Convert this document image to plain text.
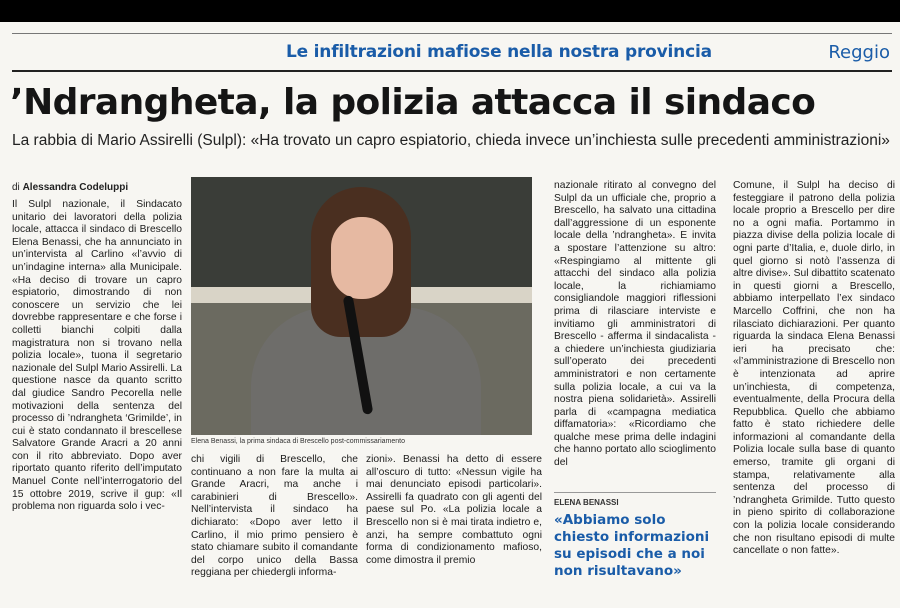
Le infiltrazioni mafiose nella nostra provincia	Reggio
’Ndrangheta, la polizia attacca il sindaco
La rabbia di Mario Assirelli (Sulpl): «Ha trovato un capro espiatorio, chieda invece un’inchiesta sulle precedenti amministrazioni»
di Alessandra Codeluppi
Il Sulpl nazionale, il Sindacato unitario dei lavoratori della polizia locale, attacca il sindaco di Brescello Elena Benassi, che ha annunciato in un’intervista al Carlino «l’avvio di un’indagine interna» alla Municipale. «Ha deciso di trovare un capro espiatorio, dimostrando di non conoscere un servizio che lei dovrebbe rappresentare e che forse i colletti bianchi colpiti dalla magistratura non si trovano nella polizia locale», tuona il segretario nazionale del Sulpl Mario Assirelli. La questione nasce da quanto scritto dal giudice Sandro Pecorella nelle motivazioni della sentenza del processo di ’ndrangheta ‘Grimilde’, in cui è stato condannato il brescellese Salvatore Grande Aracri a 20 anni con il rito abbreviato. Dopo aver riportato quanto riferito dell’imputato Manuel Conte nell’interrogatorio del 15 ottobre 2019, scrive il gup: «Il problema non riguarda solo i vec-
Elena Benassi, la prima sindaca di Brescello post-commissariamento
chi vigili di Brescello, che continuano a non fare la multa ai Grande Aracri, ma anche i carabinieri di Brescello». Nell’intervista il sindaco ha dichiarato: «Dopo aver letto il Carlino, il mio primo pensiero è stato chiamare subito il comandante del corpo unico della Bassa reggiana per chiedergli informa-
zioni». Benassi ha detto di essere all’oscuro di tutto: «Nessun vigile ha mai denunciato episodi particolari». Assirelli fa quadrato con gli agenti del paese sul Po. «La polizia locale a Brescello non si è mai tirata indietro e, anzi, ha sempre combattuto ogni forma di condizionamento mafioso, come dimostra il premio
nazionale ritirato al convegno del Sulpl da un ufficiale che, proprio a Brescello, ha salvato una cittadina dall’aggressione di un esponente locale della ’ndrangheta». E invita a spostare l’attenzione su altro: «Respingiamo al mittente gli attacchi del sindaco alla polizia locale, la richiamiamo consigliandole maggiori riflessioni prima di rilasciare interviste e invitiamo gli amministratori di Brescello - afferma il sindacalista - a chiedere un’inchiesta giudiziaria sull’operato dei precedenti amministratori e non certamente sulla polizia locale, a cui va la nostra piena solidarietà». Assirelli parla di «campagna mediatica diffamatoria»: «Ricordiamo che qualche mese prima delle indagini che hanno portato allo scioglimento del
ELENA BENASSI
«Abbiamo solo chiesto informazioni su episodi che a noi non risultavano»
Comune, il Sulpl ha deciso di festeggiare il patrono della polizia locale proprio a Brescello per dire no a ogni mafia. Portammo in piazza divise della polizia locale di ogni parte d’Italia, e, duole dirlo, in quel giorno si notò l’assenza di altre divise». Sul dibattito scatenato in questi giorni a Brescello, abbiamo interpellato l’ex sindaco Marcello Coffrini, che non ha rilasciato dichiarazioni. Per quanto riguarda la sindaca Elena Benassi ieri ha precisato che: «l’amministrazione di Brescello non è intenzionata ad aprire un’inchiesta, di competenza, eventualmente, della Procura della Repubblica. Quello che abbiamo fatto è stato richiedere delle informazioni al comandante della Polizia locale sulla base di quanto emerso, tramite gli organi di stampa, relativamente alla sentenza del processo di ’ndrangheta Grimilde. Tutto questo in pieno spirito di collaborazione con la polizia locale considerando che non risultano episodi di multe cancellate o non fatte».
